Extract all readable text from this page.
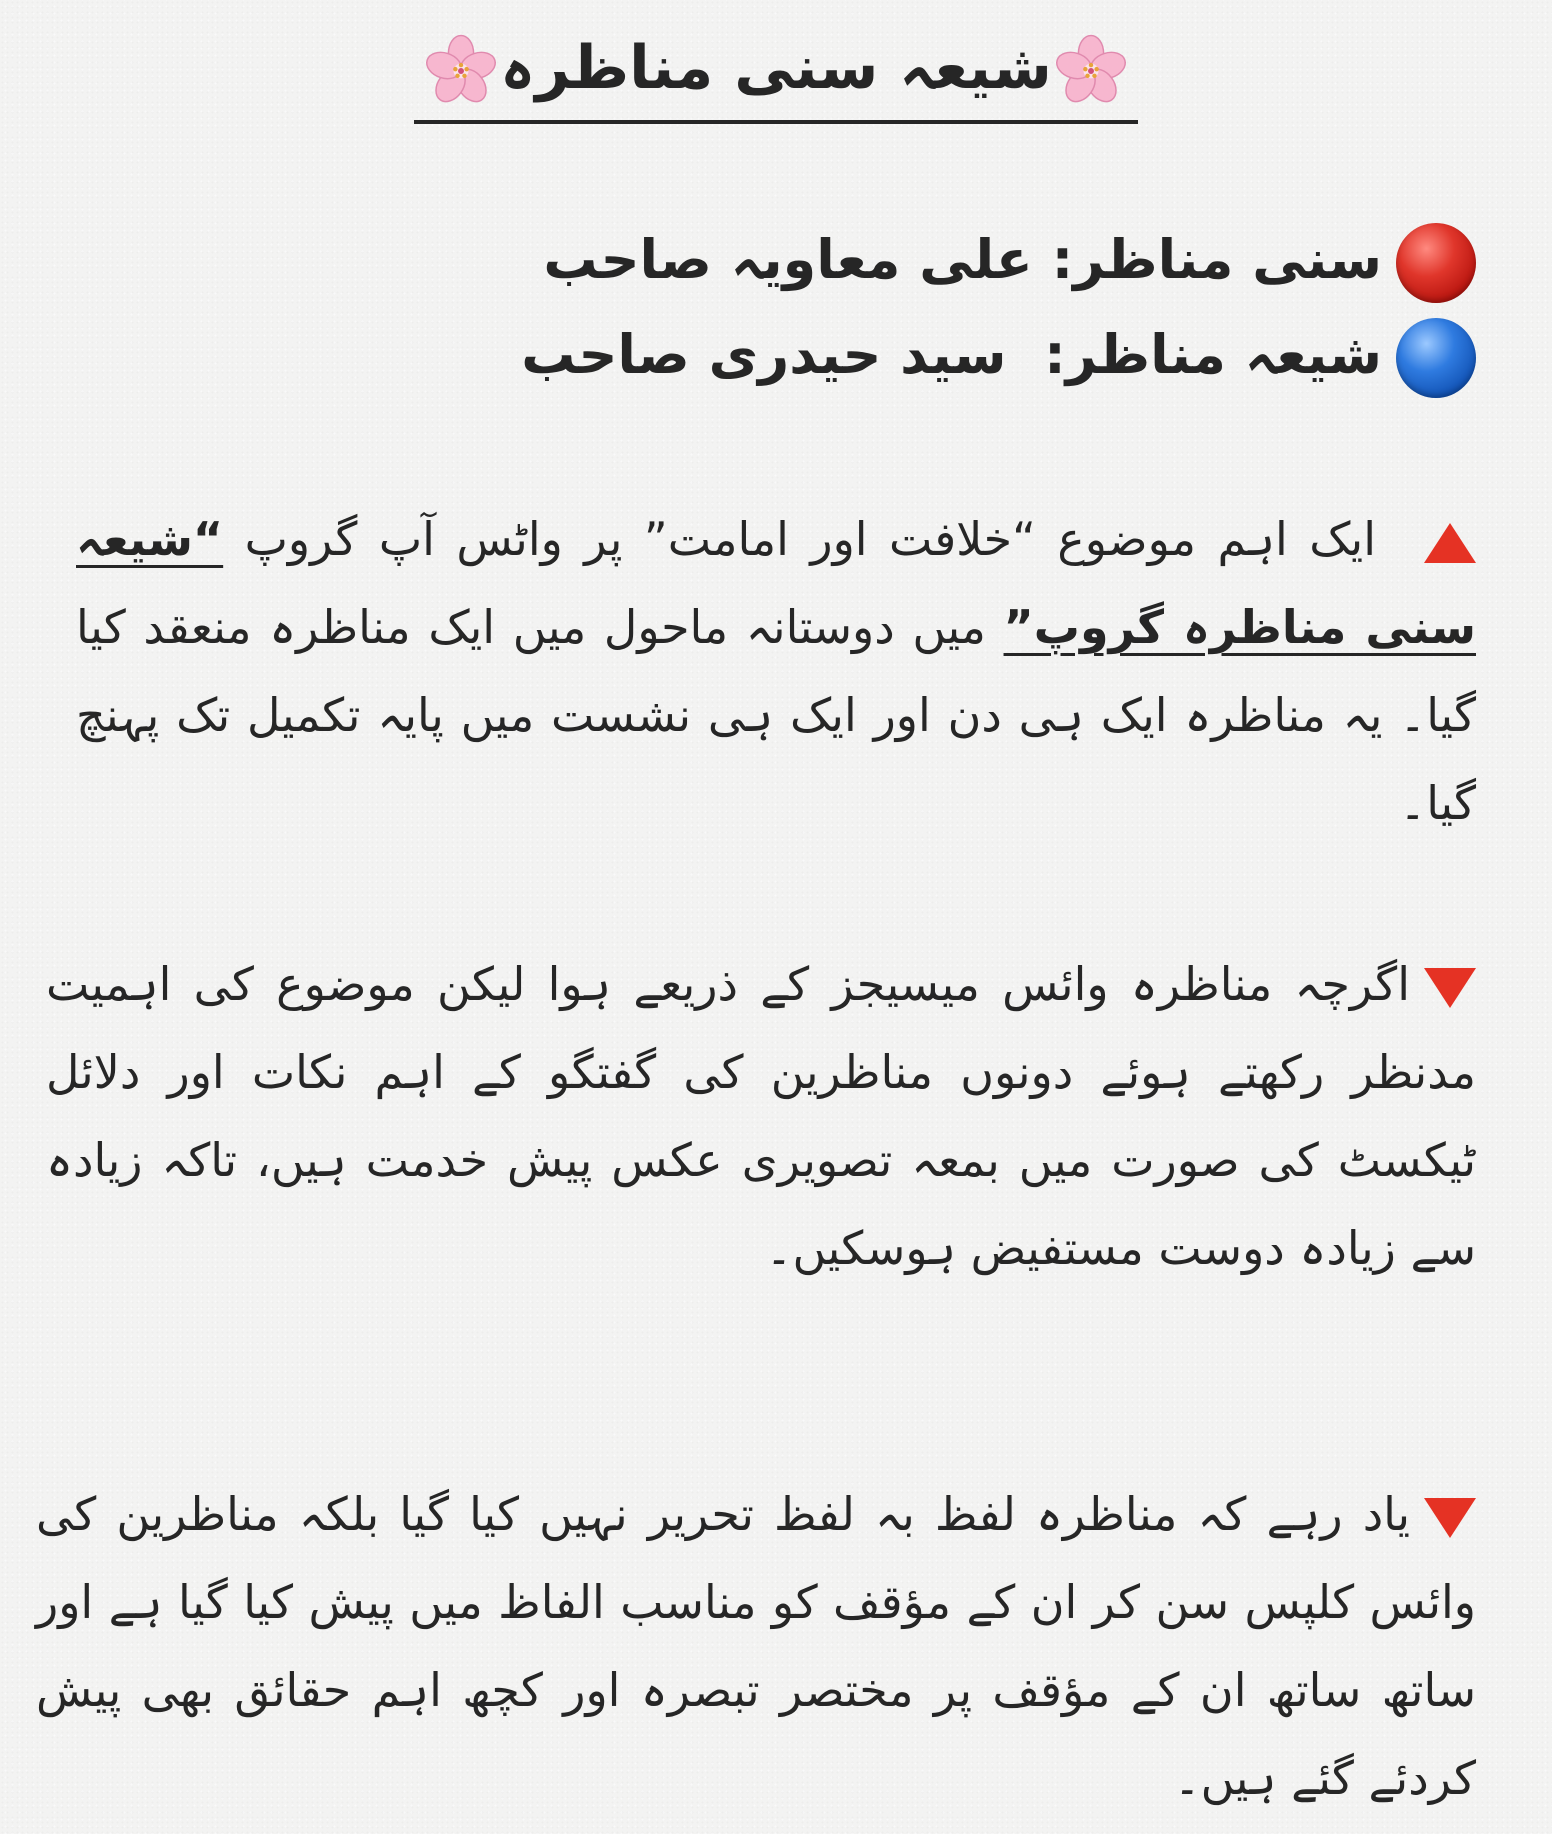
شیعہ سنی مناظرہ
سنی مناظر: علی معاویہ صاحب
شیعہ مناظر:  سید حیدری صاحب
ایک اہم موضوع “خلافت اور امامت” پر واٹس آپ گروپ “شیعہ سنی مناظرہ گروپ” میں دوستانہ ماحول میں ایک مناظرہ منعقد کیا گیا۔ یہ مناظرہ ایک ہی دن اور ایک ہی نشست میں پایہ تکمیل تک پہنچ گیا۔
اگرچہ مناظرہ وائس میسیجز کے ذریعے ہوا لیکن موضوع کی اہمیت مدنظر رکھتے ہوئے دونوں مناظرین کی گفتگو کے اہم نکات اور دلائل ٹیکسٹ کی صورت میں بمعہ تصویری عکس پیش خدمت ہیں، تاکہ زیادہ سے زیادہ دوست مستفیض ہوسکیں۔
یاد رہے کہ مناظرہ لفظ بہ لفظ تحریر نہیں کیا گیا بلکہ مناظرین کی وائس کلپس سن کر ان کے مؤقف کو مناسب الفاظ میں پیش کیا گیا ہے اور ساتھ ساتھ ان کے مؤقف پر مختصر تبصرہ اور کچھ اہم حقائق بھی پیش کردئے گئے ہیں۔
